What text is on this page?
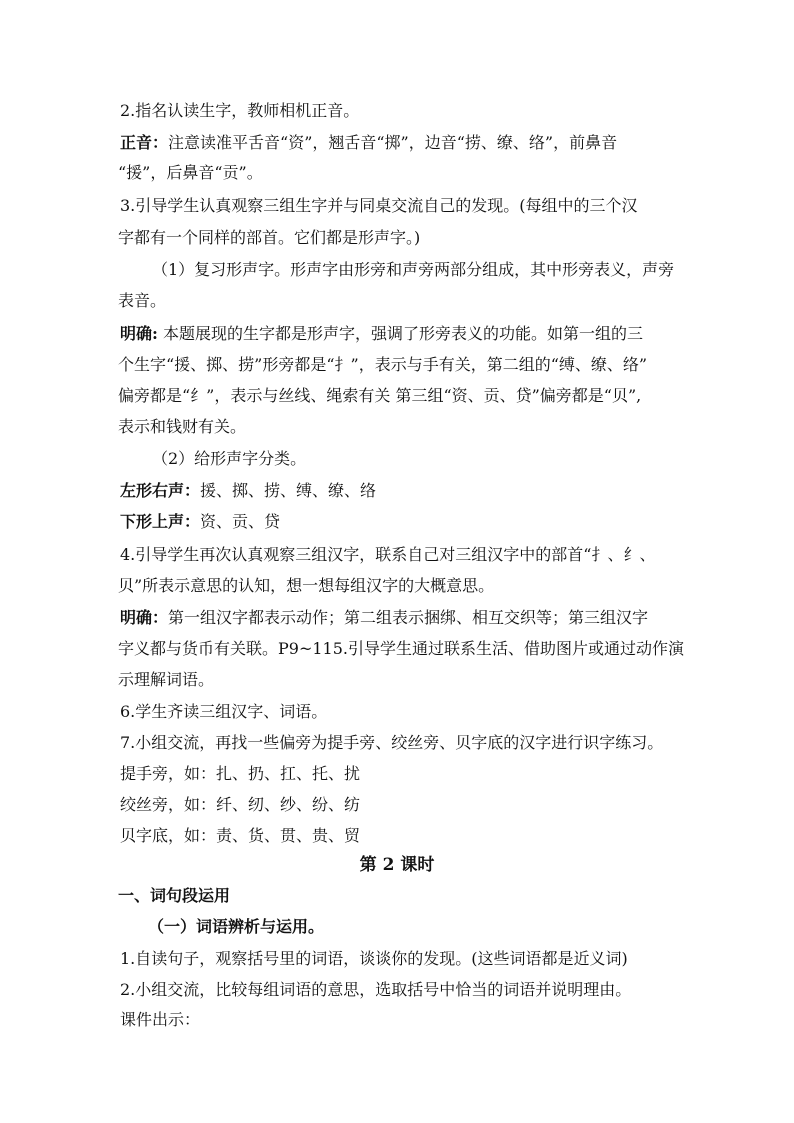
2.指名认读生字，教师相机正音。
正音：注意读准平舌音“资”，翘舌音“掷”，边音“捞、缭、络”，前鼻音
“援”，后鼻音“贡”。
3.引导学生认真观察三组生字并与同桌交流自己的发现。(每组中的三个汉
字都有一个同样的部首。它们都是形声字。)
（1）复习形声字。形声字由形旁和声旁两部分组成，其中形旁表义，声旁
表音。
明确: 本题展现的生字都是形声字，强调了形旁表义的功能。如第一组的三
个生字“援、掷、捞”形旁都是“扌”，表示与手有关，第二组的“缚、缭、络”
偏旁都是“纟”，表示与丝线、绳索有关 第三组“资、贡、贷”偏旁都是“贝”,
表示和钱财有关。
（2）给形声字分类。
左形右声：援、掷、捞、缚、缭、络
下形上声：资、贡、贷
4.引导学生再次认真观察三组汉字，联系自己对三组汉字中的部首“扌、纟、
贝”所表示意思的认知，想一想每组汉字的大概意思。
明确：第一组汉字都表示动作；第二组表示捆绑、相互交织等；第三组汉字
字义都与货币有关联。P9~115.引导学生通过联系生活、借助图片或通过动作演
示理解词语。
6.学生齐读三组汉字、词语。
7.小组交流，再找一些偏旁为提手旁、绞丝旁、贝字底的汉字进行识字练习。
提手旁，如：扎、扔、扛、托、扰
绞丝旁，如：纤、纫、纱、纷、纺
贝字底，如：责、货、贯、贵、贸
第 2 课时
一、词句段运用
（一）词语辨析与运用。
1.自读句子，观察括号里的词语，谈谈你的发现。(这些词语都是近义词)
2.小组交流，比较每组词语的意思，选取括号中恰当的词语并说明理由。
课件出示：
